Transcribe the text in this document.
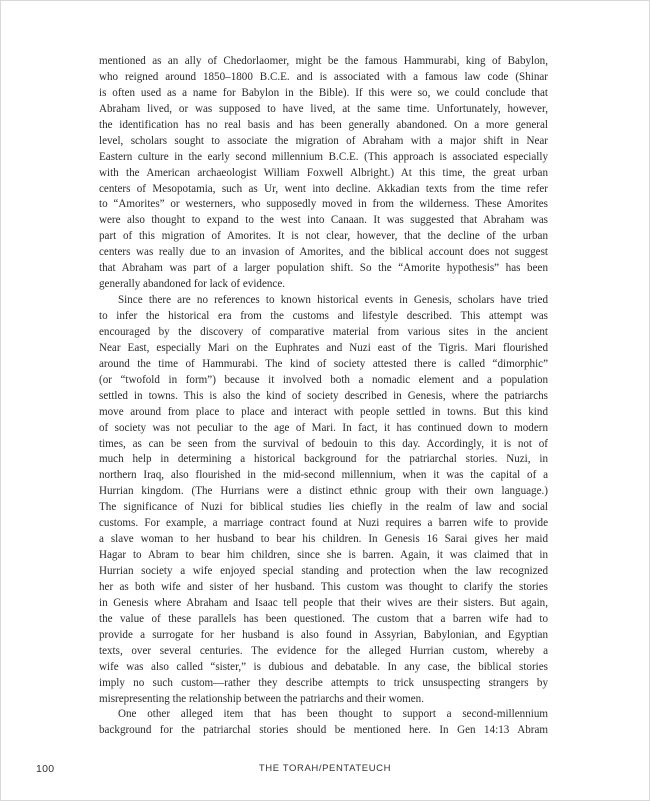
mentioned as an ally of Chedorlaomer, might be the famous Hammurabi, king of Babylon,
who reigned around 1850–1800 B.C.E. and is associated with a famous law code (Shinar
is often used as a name for Babylon in the Bible). If this were so, we could conclude that
Abraham lived, or was supposed to have lived, at the same time. Unfortunately, however,
the identification has no real basis and has been generally abandoned. On a more general
level, scholars sought to associate the migration of Abraham with a major shift in Near
Eastern culture in the early second millennium B.C.E. (This approach is associated especially
with the American archaeologist William Foxwell Albright.) At this time, the great urban
centers of Mesopotamia, such as Ur, went into decline. Akkadian texts from the time refer
to “Amorites” or westerners, who supposedly moved in from the wilderness. These Amorites
were also thought to expand to the west into Canaan. It was suggested that Abraham was
part of this migration of Amorites. It is not clear, however, that the decline of the urban
centers was really due to an invasion of Amorites, and the biblical account does not suggest
that Abraham was part of a larger population shift. So the “Amorite hypothesis” has been
generally abandoned for lack of evidence.
Since there are no references to known historical events in Genesis, scholars have tried
to infer the historical era from the customs and lifestyle described. This attempt was
encouraged by the discovery of comparative material from various sites in the ancient
Near East, especially Mari on the Euphrates and Nuzi east of the Tigris. Mari flourished
around the time of Hammurabi. The kind of society attested there is called “dimorphic”
(or “twofold in form”) because it involved both a nomadic element and a population
settled in towns. This is also the kind of society described in Genesis, where the patriarchs
move around from place to place and interact with people settled in towns. But this kind
of society was not peculiar to the age of Mari. In fact, it has continued down to modern
times, as can be seen from the survival of bedouin to this day. Accordingly, it is not of
much help in determining a historical background for the patriarchal stories. Nuzi, in
northern Iraq, also flourished in the mid-second millennium, when it was the capital of a
Hurrian kingdom. (The Hurrians were a distinct ethnic group with their own language.)
The significance of Nuzi for biblical studies lies chiefly in the realm of law and social
customs. For example, a marriage contract found at Nuzi requires a barren wife to provide
a slave woman to her husband to bear his children. In Genesis 16 Sarai gives her maid
Hagar to Abram to bear him children, since she is barren. Again, it was claimed that in
Hurrian society a wife enjoyed special standing and protection when the law recognized
her as both wife and sister of her husband. This custom was thought to clarify the stories
in Genesis where Abraham and Isaac tell people that their wives are their sisters. But again,
the value of these parallels has been questioned. The custom that a barren wife had to
provide a surrogate for her husband is also found in Assyrian, Babylonian, and Egyptian
texts, over several centuries. The evidence for the alleged Hurrian custom, whereby a
wife was also called “sister,” is dubious and debatable. In any case, the biblical stories
imply no such custom—rather they describe attempts to trick unsuspecting strangers by
misrepresenting the relationship between the patriarchs and their women.
One other alleged item that has been thought to support a second-millennium
background for the patriarchal stories should be mentioned here. In Gen 14:13 Abram
100	THE TORAH/PENTATEUCH
